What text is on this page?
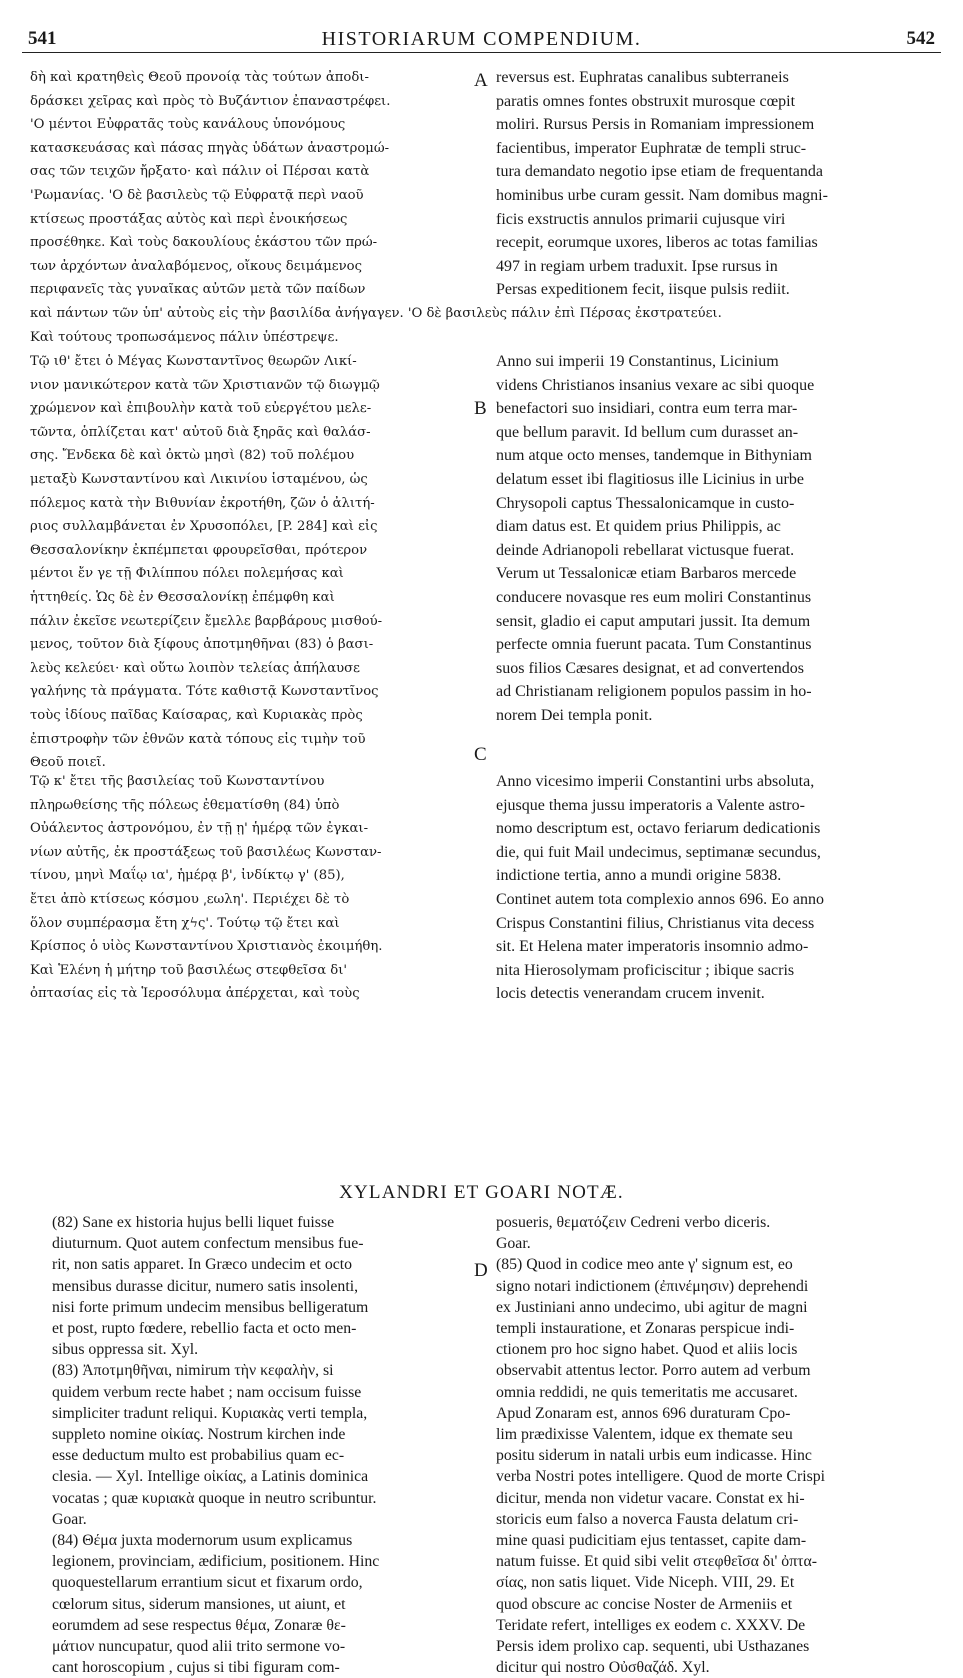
541	HISTORIARUM COMPENDIUM.	542

δὴ καὶ κρατηθεὶς Θεοῦ προνοίᾳ τὰς τούτων ἀποδι-
δράσκει χεῖρας καὶ πρὸς τὸ Βυζάντιον ἐπαναστρέφει.
'Ο μέντοι Εὐφρατᾶς τοὺς κανάλους ὑπονόμους
κατασκευάσας καὶ πάσας πηγὰς ὑδάτων ἀναστρομώ-
σας τῶν τειχῶν ἤρξατο· καὶ πάλιν οἱ Πέρσαι κατὰ
'Ρωμανίας. 'Ο δὲ βασιλεὺς τῷ Εὐφρατᾷ περὶ ναοῦ
κτίσεως προστάξας αὐτὸς καὶ περὶ ἐνοικήσεως
προσέθηκε. Καὶ τοὺς δακουλίους ἑκάστου τῶν πρώ-
των ἀρχόντων ἀναλαβόμενος, οἴκους δειμάμενος
περιφανεῖς τὰς γυναῖκας αὐτῶν μετὰ τῶν παίδων

A reversus est. Euphratas canalibus subterraneis
paratis omnes fontes obstruxit murosque cœpit
moliri. Rursus Persis in Romaniam impressionem
facientibus, imperator Euphratæ de templi struc-
tura demandato negotio ipse etiam de frequentanda
hominibus urbe curam gessit. Nam domibus magni-
ficis exstructis annulos primarii cujusque viri
recepit, eorumque uxores, liberos ac totas familias
497 in regiam urbem traduxit. Ipse rursus in
Persas expeditionem fecit, iisque pulsis rediit.

καὶ πάντων τῶν ὑπ' αὐτοὺς εἰς τὴν βασιλίδα ἀνήγαγεν. 'Ο δὲ βασιλεὺς πάλιν ἐπὶ Πέρσας ἐκστρατεύει.
Καὶ τούτους τροπωσάμενος πάλιν ὑπέστρεψε.

Τῷ ιθ' ἔτει ὁ Μέγας Κωνσταντῖνος θεωρῶν Λικί-
νιον μανικώτερον κατὰ τῶν Χριστιανῶν τῷ διωγμῷ
χρώμενον καὶ ἐπιβουλὴν κατὰ τοῦ εὐεργέτου μελε-
τῶντα, ὁπλίζεται κατ' αὐτοῦ διὰ ξηρᾶς καὶ θαλάσ-
σης. Ἔνδεκα δὲ καὶ ὀκτὼ μησὶ (82) τοῦ πολέμου
μεταξὺ Κωνσταντίνου καὶ Λικινίου ἱσταμένου, ὡς
πόλεμος κατὰ τὴν Βιθυνίαν ἐκροτήθη, ζῶν ὁ ἀλιτή-
ριος συλλαμβάνεται ἐν Χρυσοπόλει, [P. 284] καὶ εἰς
Θεσσαλονίκην ἐκπέμπεται φρουρεῖσθαι, πρότερον
μέντοι ἔν γε τῇ Φιλίππου πόλει πολεμήσας καὶ
ἡττηθείς. Ὡς δὲ ἐν Θεσσαλονίκῃ ἐπέμφθη καὶ
πάλιν ἐκεῖσε νεωτερίζειν ἔμελλε βαρβάρους μισθού-
μενος, τοῦτον διὰ ξίφους ἀποτμηθῆναι (83) ὁ βασι-
λεὺς κελεύει· καὶ οὕτω λοιπὸν τελείας ἀπήλαυσε
γαλήνης τὰ πράγματα. Τότε καθιστᾷ Κωνσταντῖνος
τοὺς ἰδίους παῖδας Καίσαρας, καὶ Κυριακὰς πρὸς
ἐπιστροφὴν τῶν ἐθνῶν κατὰ τόπους εἰς τιμὴν τοῦ
Θεοῦ ποιεῖ.

B

Anno sui imperii 19 Constantinus, Licinium
videns Christianos insanius vexare ac sibi quoque
benefactori suo insidiari, contra eum terra mar-
que bellum paravit. Id bellum cum durasset an-
num atque octo menses, tandemque in Bithyniam
delatum esset ibi flagitiosus ille Licinius in urbe
Chrysopoli captus Thessalonicamque in custo-
diam datus est. Et quidem prius Philippis, ac
deinde Adrianopoli rebellarat victusque fuerat.
Verum ut Tessalonicæ etiam Barbaros mercede
conducere novasque res eum moliri Constantinus
sensit, gladio ei caput amputari jussit. Ita demum
perfecte omnia fuerunt pacata. Tum Constantinus
suos filios Cæsares designat, et ad convertendos
ad Christianam religionem populos passim in ho-
norem Dei templa ponit.

C

Τῷ κ' ἔτει τῆς βασιλείας τοῦ Κωνσταντίνου
πληρωθείσης τῆς πόλεως ἐθεματίσθη (84) ὑπὸ
Οὐάλεντος ἀστρονόμου, ἐν τῇ ῃ' ἡμέρᾳ τῶν ἐγκαι-
νίων αὐτῆς, ἐκ προστάξεως τοῦ βασιλέως Κωνσταν-
τίνου, μηνὶ Μαΐῳ ια', ἡμέρᾳ β', ἰνδίκτῳ γ' (85),
ἔτει ἀπὸ κτίσεως κόσμου ͵εωλη'. Περιέχει δὲ τὸ
ὅλον συμπέρασμα ἔτη χϟς'. Τούτῳ τῷ ἔτει καὶ
Κρίσπος ὁ υἱὸς Κωνσταντίνου Χριστιανὸς ἐκοιμήθη.
Καὶ Ἑλένη ἡ μήτηρ τοῦ βασιλέως στεφθεῖσα δι'
ὀπτασίας εἰς τὰ Ἱεροσόλυμα ἀπέρχεται, καὶ τοὺς

Anno vicesimo imperii Constantini urbs absoluta,
ejusque thema jussu imperatoris a Valente astro-
nomo descriptum est, octavo feriarum dedicationis
die, qui fuit Mail undecimus, septimanæ secundus,
indictione tertia, anno a mundi origine 5838.
Continet autem tota complexio annos 696. Eo anno
Crispus Constantini filius, Christianus vita decess
sit. Et Helena mater imperatoris insomnio admo-
nita Hierosolymam proficiscitur ; ibique sacris
locis detectis venerandam crucem invenit.

XYLANDRI ET GOARI NOTÆ.

(82) Sane ex historia hujus belli liquet fuisse
diuturnum. Quot autem confectum mensibus fue-
rit, non satis apparet. In Græco undecim et octo
mensibus durasse dicitur, numero satis insolenti,
nisi forte primum undecim mensibus belligeratum
et post, rupto fœdere, rebellio facta et octo men-
sibus oppressa sit. Xyl.
(83) Ἀποτμηθῆναι, nimirum τὴν κεφαλὴν, si
quidem verbum recte habet ; nam occisum fuisse
simpliciter tradunt reliqui. Κυριακὰς verti templa,
suppleto nomine οἰκίας. Nostrum kirchen inde
esse deductum multo est probabilius quam ec-
clesia. — Xyl. Intellige οἰκίας, a Latinis dominica
vocatas ; quæ κυριακὰ quoque in neutro scribuntur.
Goar.
(84) Θέμα juxta modernorum usum explicamus
legionem, provinciam, ædificium, positionem. Hinc
quoquestellarum errantium sicut et fixarum ordo,
cœlorum situs, siderum mansiones, ut aiunt, et
eorumdem ad sese respectus θέμα, Zonaræ θε-
μάτιον nuncupatur, quod alii trito sermone vo-
cant horoscopium , cujus si tibi figuram com-

D

posueris, θεματόζειν Cedreni verbo diceris.
Goar.
(85) Quod in codice meo ante γ' signum est, eo
signo notari indictionem (ἐπινέμησιν) deprehendi
ex Justiniani anno undecimo, ubi agitur de magni
templi instauratione, et Zonaras perspicue indi-
ctionem pro hoc signo habet. Quod et aliis locis
observabit attentus lector. Porro autem ad verbum
omnia reddidi, ne quis temeritatis me accusaret.
Apud Zonaram est, annos 696 duraturam Cpo-
lim prædixisse Valentem, idque ex themate seu
positu siderum in natali urbis eum indicasse. Hinc
verba Nostri potes intelligere. Quod de morte Crispi
dicitur, menda non videtur vacare. Constat ex hi-
storicis eum falso a noverca Fausta delatum cri-
mine quasi pudicitiam ejus tentasset, capite dam-
natum fuisse. Et quid sibi velit στεφθεῖσα δι' ὀπτα-
σίας, non satis liquet. Vide Niceph. VIII, 29. Et
quod obscure ac concise Noster de Armeniis et
Teridate refert, intelliges ex eodem c. XXXV. De
Persis idem prolixo cap. sequenti, ubi Usthazanes
dicitur qui nostro Οὐσθαζάδ. Xyl.
